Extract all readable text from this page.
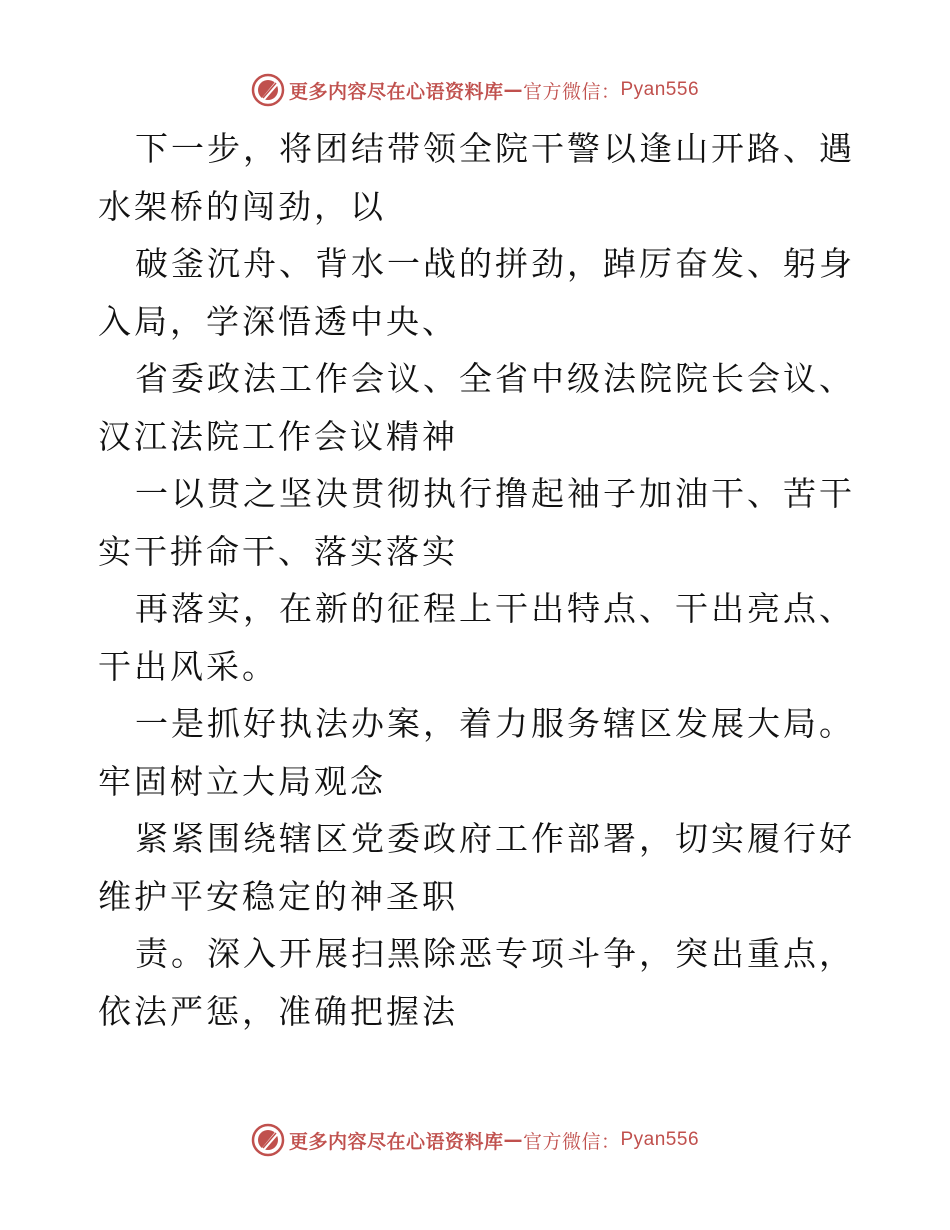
更多内容尽在心语资料库 — 官方微信： Pyan556

下一步，将团结带领全院干警以逢山开路、遇水架桥的闯劲，以

破釜沉舟、背水一战的拼劲，踔厉奋发、躬身入局，学深悟透中央、

省委政法工作会议、全省中级法院院长会议、汉江法院工作会议精神

一以贯之坚决贯彻执行撸起袖子加油干、苦干实干拼命干、落实落实

再落实，在新的征程上干出特点、干出亮点、干出风采。

一是抓好执法办案，着力服务辖区发展大局。牢固树立大局观念

紧紧围绕辖区党委政府工作部署，切实履行好维护平安稳定的神圣职

责。深入开展扫黑除恶专项斗争，突出重点，依法严惩，准确把握法

更多内容尽在心语资料库 — 官方微信： Pyan556
